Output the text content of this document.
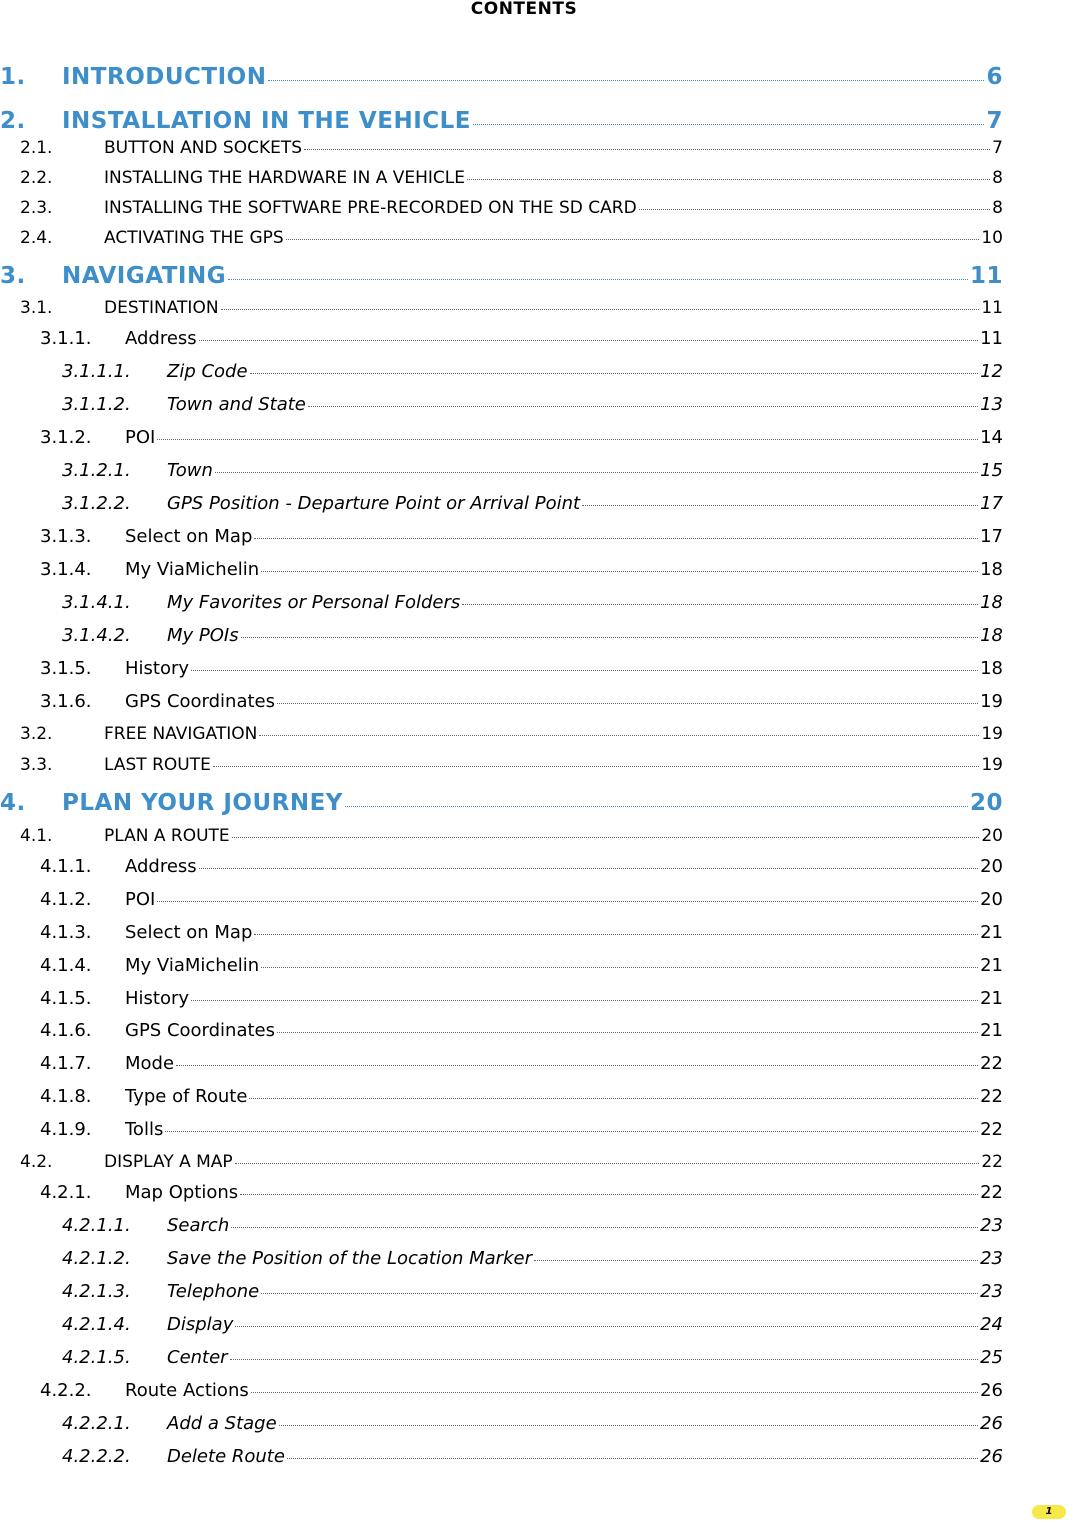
CONTENTS
1.	INTRODUCTION	6
2.	INSTALLATION IN THE VEHICLE	7
2.1.	BUTTON AND SOCKETS	7
2.2.	INSTALLING THE HARDWARE IN A VEHICLE	8
2.3.	INSTALLING THE SOFTWARE PRE-RECORDED ON THE SD CARD	8
2.4.	ACTIVATING THE GPS	10
3.	NAVIGATING	11
3.1.	DESTINATION	11
3.1.1.	Address	11
3.1.1.1.	Zip Code	12
3.1.1.2.	Town and State	13
3.1.2.	POI	14
3.1.2.1.	Town	15
3.1.2.2.	GPS Position - Departure Point or Arrival Point	17
3.1.3.	Select on Map	17
3.1.4.	My ViaMichelin	18
3.1.4.1.	My Favorites or Personal Folders	18
3.1.4.2.	My POIs	18
3.1.5.	History	18
3.1.6.	GPS Coordinates	19
3.2.	FREE NAVIGATION	19
3.3.	LAST ROUTE	19
4.	PLAN YOUR JOURNEY	20
4.1.	PLAN A ROUTE	20
4.1.1.	Address	20
4.1.2.	POI	20
4.1.3.	Select on Map	21
4.1.4.	My ViaMichelin	21
4.1.5.	History	21
4.1.6.	GPS Coordinates	21
4.1.7.	Mode	22
4.1.8.	Type of Route	22
4.1.9.	Tolls	22
4.2.	DISPLAY A MAP	22
4.2.1.	Map Options	22
4.2.1.1.	Search	23
4.2.1.2.	Save the Position of the Location Marker	23
4.2.1.3.	Telephone	23
4.2.1.4.	Display	24
4.2.1.5.	Center	25
4.2.2.	Route Actions	26
4.2.2.1.	Add a Stage	26
4.2.2.2.	Delete Route	26
1
